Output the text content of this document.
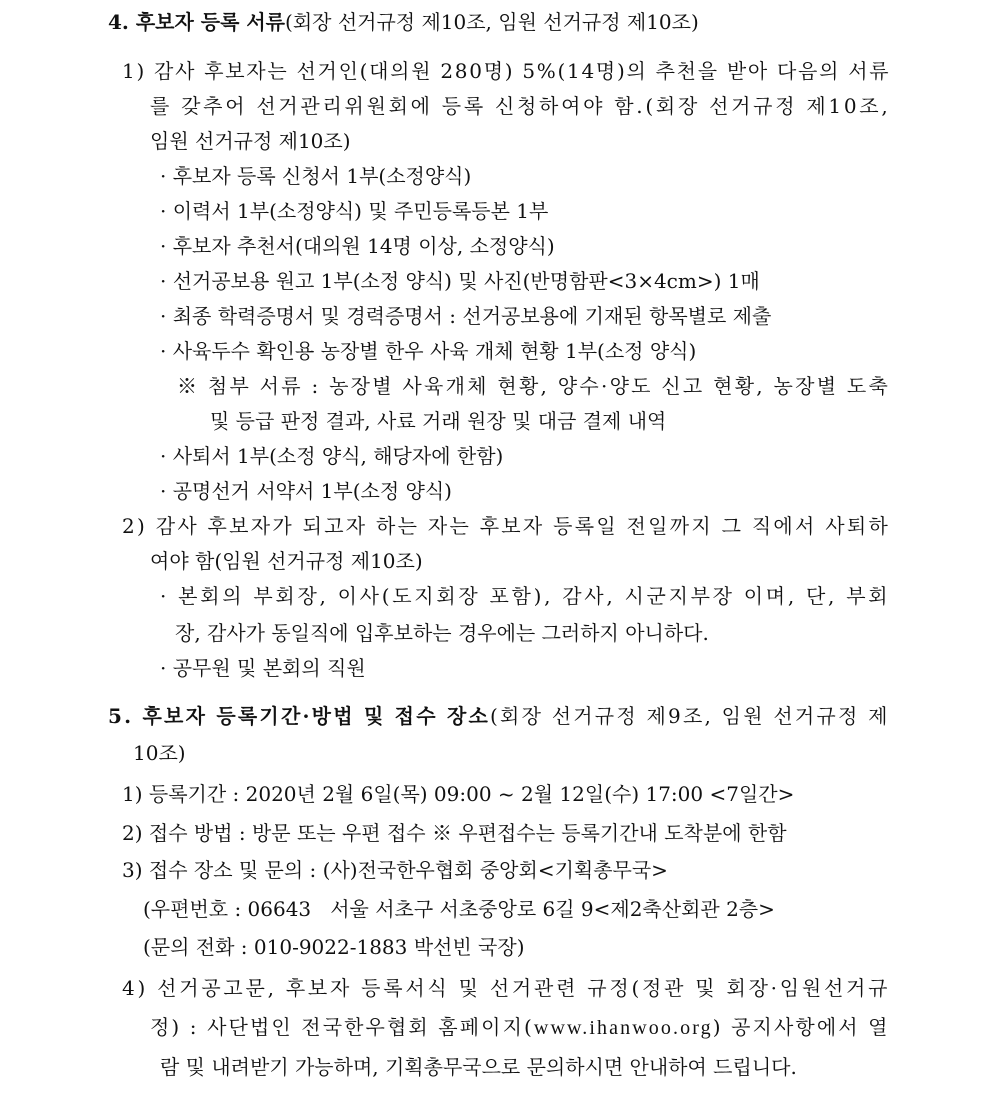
4. 후보자 등록 서류(회장 선거규정 제10조, 임원 선거규정 제10조)

1) 감사 후보자는 선거인(대의원 280명) 5%(14명)의 추천을 받아 다음의 서류

를 갖추어 선거관리위원회에 등록 신청하여야 함.(회장 선거규정 제10조,

임원 선거규정 제10조)

· 후보자 등록 신청서 1부(소정양식)

· 이력서 1부(소정양식) 및 주민등록등본 1부

· 후보자 추천서(대의원 14명 이상, 소정양식)

· 선거공보용 원고 1부(소정 양식) 및 사진(반명함판<3×4cm>) 1매

· 최종 학력증명서 및 경력증명서 : 선거공보용에 기재된 항목별로 제출

· 사육두수 확인용 농장별 한우 사육 개체 현황 1부(소정 양식)

※ 첨부 서류 : 농장별 사육개체 현황, 양수·양도 신고 현황, 농장별 도축

및 등급 판정 결과, 사료 거래 원장 및 대금 결제 내역

· 사퇴서 1부(소정 양식, 해당자에 한함)

· 공명선거 서약서 1부(소정 양식)

2) 감사 후보자가 되고자 하는 자는 후보자 등록일 전일까지 그 직에서 사퇴하

여야 함(임원 선거규정 제10조)

· 본회의 부회장, 이사(도지회장 포함), 감사, 시군지부장 이며, 단, 부회

장, 감사가 동일직에 입후보하는 경우에는 그러하지 아니하다.

· 공무원 및 본회의 직원

5. 후보자 등록기간·방법 및 접수 장소(회장 선거규정 제9조, 임원 선거규정 제

10조)

1) 등록기간 : 2020년 2월 6일(목) 09:00 ~ 2월 12일(수) 17:00 <7일간>

2) 접수 방법 : 방문 또는 우편 접수 ※ 우편접수는 등록기간내 도착분에 한함

3) 접수 장소 및 문의 : (사)전국한우협회 중앙회<기획총무국>

(우편번호 : 06643   서울 서초구 서초중앙로 6길 9<제2축산회관 2층>

(문의 전화 : 010-9022-1883 박선빈 국장)

4) 선거공고문, 후보자 등록서식 및 선거관련 규정(정관 및 회장·임원선거규

정) : 사단법인 전국한우협회 홈페이지(www.ihanwoo.org) 공지사항에서 열

람 및 내려받기 가능하며, 기획총무국으로 문의하시면 안내하여 드립니다.
